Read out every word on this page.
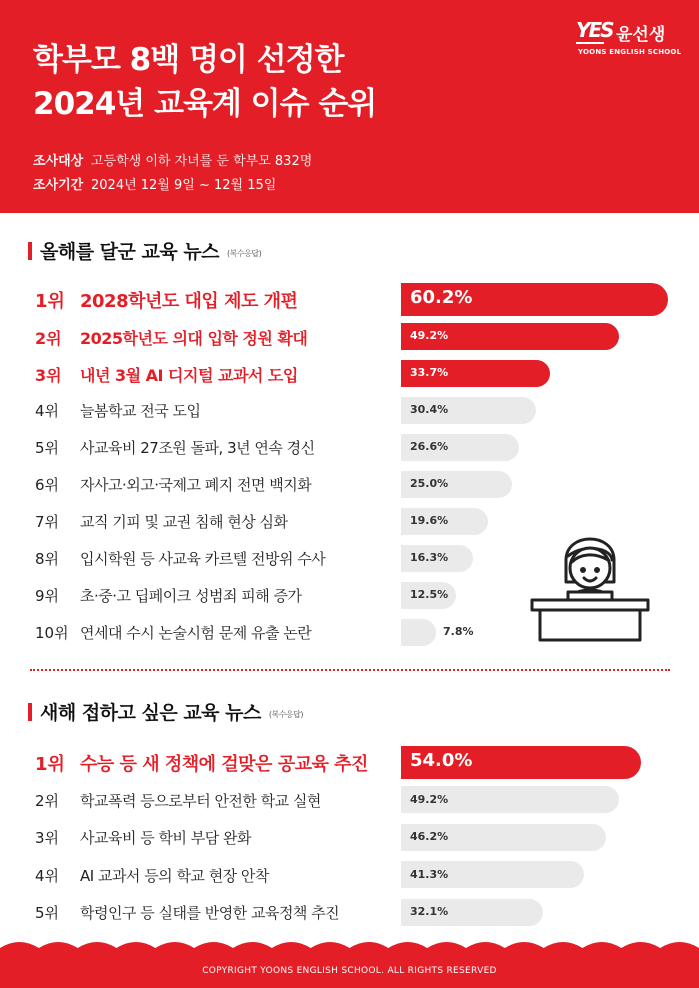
학부모 8백 명이 선정한
2024년 교육계 이슈 순위
조사대상 고등학생 이하 자녀를 둔 학부모 832명
조사기간 2024년 12월 9일 ~ 12월 15일
YES 윤선생
YOONS ENGLISH SCHOOL
올해를 달군 교육 뉴스 (복수응답)
1위 2028학년도 대입 제도 개편	60.2%
2위	2025학년도 의대 입학 정원 확대	49.2%
3위	내년 3월 AI 디지털 교과서 도입	33.7%
4위	늘봄학교 전국 도입	30.4%
5위	사교육비 27조원 돌파, 3년 연속 경신	26.6%
6위	자사고·외고·국제고 폐지 전면 백지화	25.0%
7위	교직 기피 및 교권 침해 현상 심화	19.6%
8위	입시학원 등 사교육 카르텔 전방위 수사	16.3%
9위	초·중·고 딥페이크 성범죄 피해 증가	12.5%
10위 연세대 수시 논술시험 문제 유출 논란	7.8%
새해 접하고 싶은 교육 뉴스 (복수응답)
1위 수능 등 새 정책에 걸맞은 공교육 추진 54.0%
2위	학교폭력 등으로부터 안전한 학교 실현	49.2%
3위	사교육비 등 학비 부담 완화	46.2%
4위	AI 교과서 등의 학교 현장 안착	41.3%
5위	학령인구 등 실태를 반영한 교육정책 추진	32.1%
COPYRIGHT YOONS ENGLISH SCHOOL. ALL RIGHTS RESERVED
